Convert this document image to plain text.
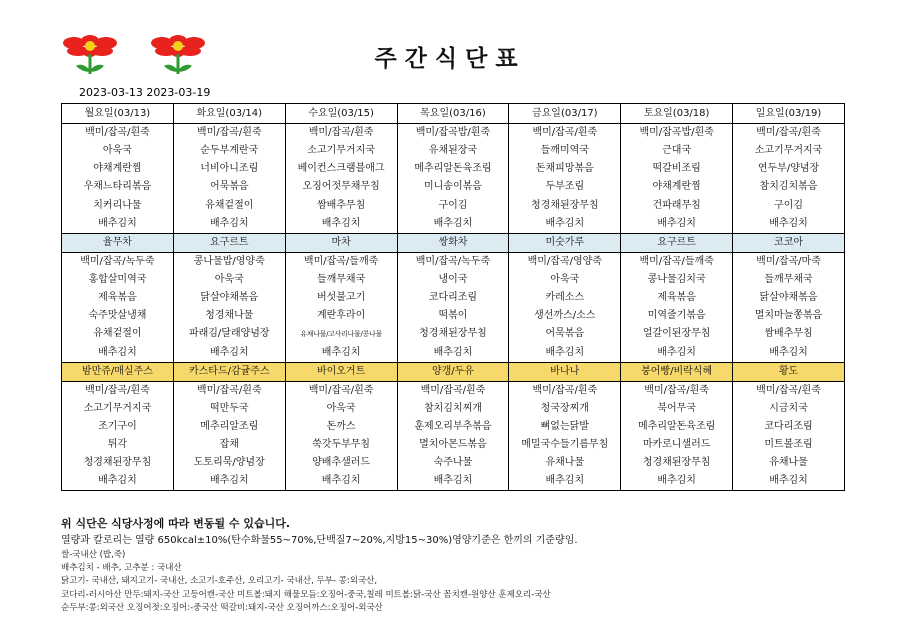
주간식단표
2023-03-13 2023-03-19
월요일(03/13)	화요일(03/14)	수요일(03/15)	목요일(03/16)	금요일(03/17)	토요일(03/18)	일요일(03/19)
백미/잡곡/흰죽	백미/잡곡/흰죽	백미/잡곡/흰죽	백미/잡곡밥/흰죽	백미/잡곡/흰죽	백미/잡곡밥/흰죽	백미/잡곡/흰죽
아욱국	순두부계란국	소고기무거지국	유채된장국	들깨미역국	근대국	소고기무거지국
야채계란찜	너비아니조림	베이컨스크램블애그	메추리알돈육조림	돈채피망볶음	떡갈비조림	연두부/양념장
우채느타리볶음	어묵볶음	오징어젓무채무침	미니송이볶음	두부조림	야채계란찜	참치김치볶음
치커리나물	유채겉절이	쌈배추무침	구이김	청경채된장무침	건파래무침	구이김
배추김치	배추김치	배추김치	배추김치	배추김치	배추김치	배추김치
율무차	요구르트	마차	쌍화차	미숫가루	요구르트	코코아
백미/잡곡/녹두죽	콩나물밥/영양죽	백미/잡곡/들깨죽	백미/잡곡/녹두죽	백미/잡곡/영양죽	백미/잡곡/들깨죽	백미/잡곡/마죽
홍합살미역국	아욱국	들깨무채국	냉이국	아욱국	콩나물김치국	들깨무채국
제육볶음	닭살야채볶음	버섯불고기	코다리조림	카레소스	제육볶음	닭살야채볶음
숙주맛살냉채	청경채나물	계란후라이	떡볶이	생선까스/소스	미역줄기볶음	멸치마늘쫑볶음
유채겉절이	파래김/달래양념장	유채나물/고사리나물/콩나물	청경채된장무침	어묵볶음	얼갈이된장무침	쌈배추무침
배추김치	배추김치	배추김치	배추김치	배추김치	배추김치	배추김치
밤만쥬/매실주스	카스타드/감귤주스	바이오거트	양갱/두유	바나나	붕어빵/비락식혜	황도
백미/잡곡/흰죽	백미/잡곡/흰죽	백미/잡곡/흰죽	백미/잡곡/흰죽	백미/잡곡/흰죽	백미/잡곡/흰죽	백미/잡곡/흰죽
소고기무거지국	떡만두국	아욱국	참치김치찌개	청국장찌개	북어무국	시금치국
조기구이	메추리알조림	돈까스	훈제오리부추볶음	뼈없는닭발	메추리알돈육조림	코다리조림
튀각	잡채	쑥갓두부무침	멸치아몬드볶음	메밀국수들기름무침	마카로니샐러드	미트볼조림
청경채된장무침	도토리묵/양념장	양배추샐러드	숙주나물	유채나물	청경채된장무침	유채나물
배추김치	배추김치	배추김치	배추김치	배추김치	배추김치	배추김치
위 식단은 식당사정에 따라 변동될 수 있습니다.
열량과 칼로리는 열량 650kcal±10%(탄수화물55~70%,단백질7~20%,지방15~30%)영양기준은 한끼의 기준량임.
쌀-국내산 (밥,죽)
배추김치 - 배추, 고추분 : 국내산
닭고기- 국내산, 돼지고기- 국내산, 소고기-호주산, 오리고기- 국내산, 두부- 콩:외국산,
코다리-러시아산 만두:돼지-국산 고등어캔-국산 미트볼:돼지 해물모듬:오징어-중국,칠레 미트볼:닭-국산 꼼치캔-원양산 훈제오리-국산
순두부:콩:외국산 오징어젓:오징어:-중국산 떡갈비:돼지-국산 오징어까스:오징어-외국산
